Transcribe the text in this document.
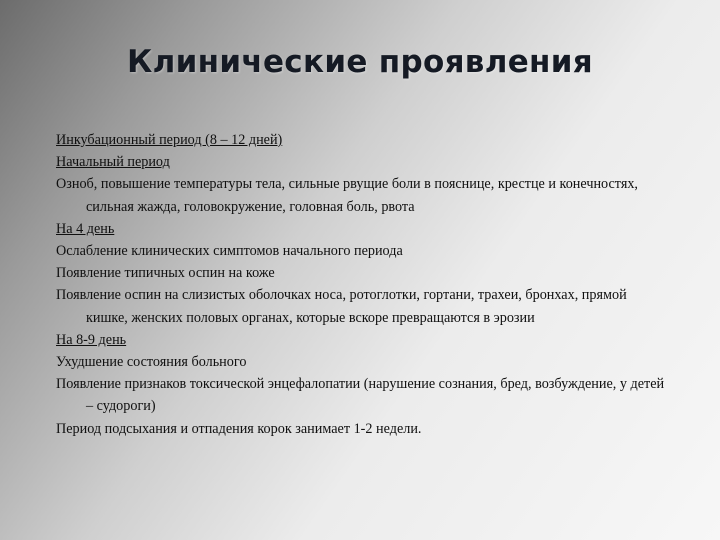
Клинические проявления

Инкубационный период (8 – 12 дней)

Начальный период

Озноб, повышение температуры тела, сильные рвущие боли в пояснице, крестце и конечностях, сильная жажда, головокружение, головная боль, рвота

На 4 день

Ослабление клинических симптомов начального периода

Появление типичных оспин на коже

Появление оспин на слизистых оболочках носа, ротоглотки, гортани, трахеи, бронхах, прямой кишке, женских половых органах, которые вскоре превращаются в эрозии

На 8-9 день

Ухудшение состояния больного

Появление признаков токсической энцефалопатии (нарушение сознания, бред, возбуждение, у детей – судороги)

Период подсыхания и отпадения корок занимает 1-2 недели.
